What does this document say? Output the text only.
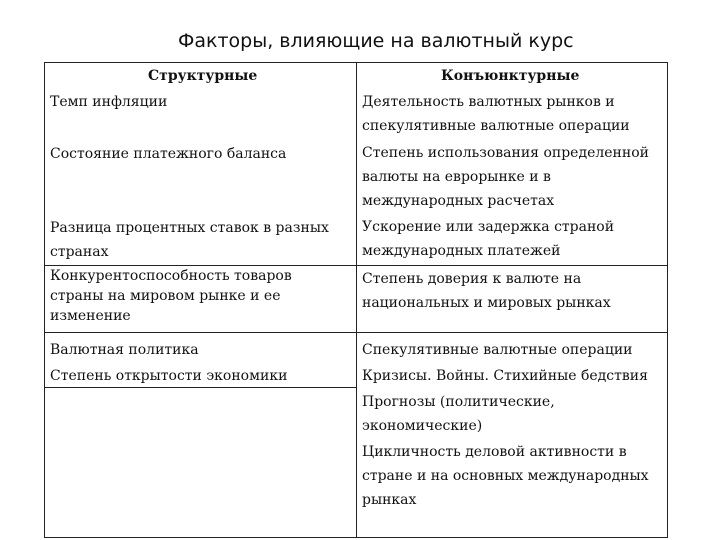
Факторы, влияющие на валютный курс
Структурные	Конъюнктурные
Темп инфляции
Состояние платежного баланса
Разница процентных ставок в разных
странах
Конкурентоспособность товаров
страны на мировом рынке и ее
изменение
Валютная политика
Степень открытости экономики
Деятельность валютных рынков и
спекулятивные валютные операции
Степень использования определенной
валюты на еврорынке и в
международных расчетах
Ускорение или задержка страной
международных платежей
Степень доверия к валюте на
национальных и мировых рынках
Спекулятивные валютные операции
Кризисы. Войны. Стихийные бедствия
Прогнозы (политические,
экономические)
Цикличность деловой активности в
стране и на основных международных
рынках
